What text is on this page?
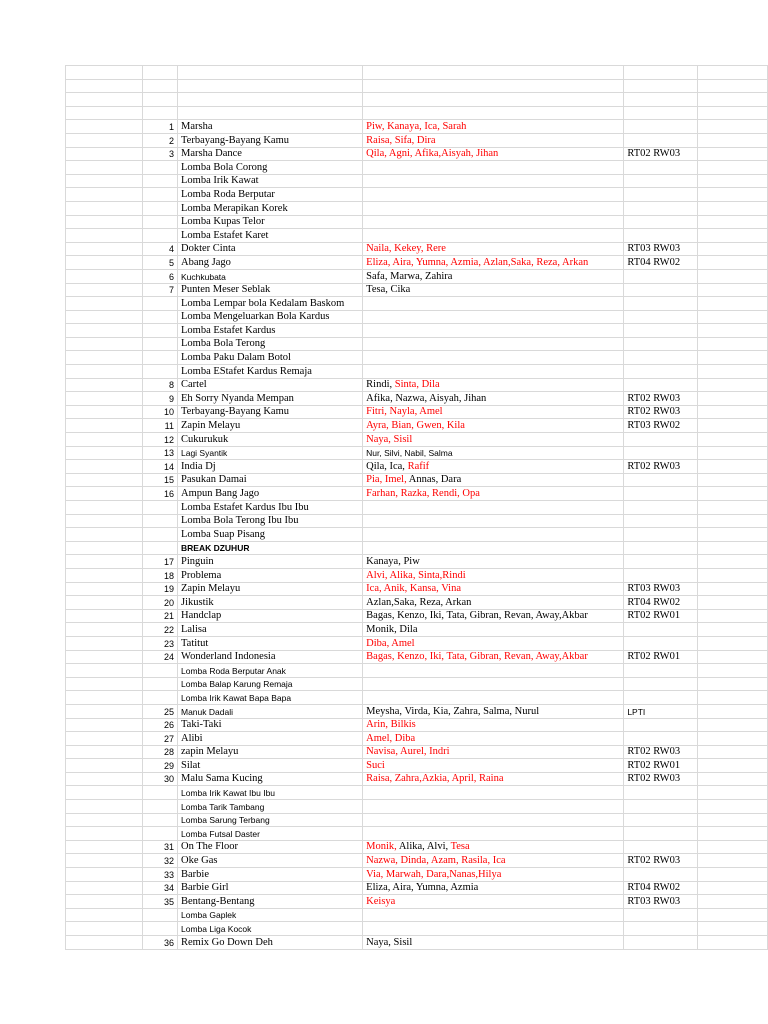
	1	Marsha	Piw, Kanaya, Ica, Sarah		
	2	Terbayang-Bayang Kamu	Raisa, Sifa, Dira		
	3	Marsha Dance	Qila, Agni, Afika,Aisyah, Jihan	RT02 RW03	
		Lomba Bola Corong			
		Lomba Irik Kawat			
		Lomba Roda Berputar			
		Lomba Merapikan Korek			
		Lomba Kupas Telor			
		Lomba Estafet Karet			
	4	Dokter Cinta	Naila, Kekey, Rere	RT03 RW03	
	5	Abang Jago	Eliza, Aira, Yumna, Azmia, Azlan,Saka, Reza, Arkan	RT04 RW02	
	6	Kuchkubata	Safa, Marwa, Zahira		
	7	Punten Meser Seblak	Tesa, Cika		
		Lomba Lempar bola Kedalam Baskom			
		Lomba Mengeluarkan Bola Kardus			
		Lomba Estafet Kardus			
		Lomba Bola Terong			
		Lomba Paku Dalam Botol			
		Lomba EStafet Kardus Remaja			
	8	Cartel	Rindi, Sinta, Dila		
	9	Eh Sorry Nyanda Mempan	Afika, Nazwa, Aisyah, Jihan	RT02 RW03	
	10	Terbayang-Bayang Kamu	Fitri, Nayla, Amel	RT02 RW03	
	11	Zapin Melayu	Ayra, Bian, Gwen, Kila	RT03 RW02	
	12	Cukurukuk	Naya, Sisil		
	13	Lagi Syantik	Nur, Silvi, Nabil, Salma		
	14	India Dj	Qila, Ica, Rafif	RT02 RW03	
	15	Pasukan Damai	Pia, Imel, Annas, Dara		
	16	Ampun Bang Jago	Farhan, Razka, Rendi, Opa		
		Lomba Estafet Kardus Ibu Ibu			
		Lomba Bola Terong Ibu Ibu			
		Lomba Suap Pisang			
		BREAK DZUHUR			
	17	Pinguin	Kanaya, Piw		
	18	Problema	Alvi, Alika, Sinta,Rindi		
	19	Zapin Melayu	Ica, Anik, Kansa, Vina	RT03 RW03	
	20	Jikustik	Azlan,Saka, Reza, Arkan	RT04 RW02	
	21	Handclap	Bagas, Kenzo, Iki, Tata, Gibran, Revan, Away,Akbar	RT02 RW01	
	22	Lalisa	Monik, Dila		
	23	Tatitut	Diba, Amel		
	24	Wonderland Indonesia	Bagas, Kenzo, Iki, Tata, Gibran, Revan, Away,Akbar	RT02 RW01	
		Lomba Roda Berputar Anak			
		Lomba Balap Karung Remaja			
		Lomba Irik Kawat Bapa Bapa			
	25	Manuk Dadali	Meysha, Virda, Kia, Zahra, Salma, Nurul	LPTI	
	26	Taki-Taki	Arin, Bilkis		
	27	Alibi	Amel, Diba		
	28	zapin Melayu	Navisa, Aurel, Indri	RT02 RW03	
	29	Silat	Suci	RT02 RW01	
	30	Malu Sama Kucing	Raisa, Zahra,Azkia, April, Raina	RT02 RW03	
		Lomba Irik Kawat Ibu Ibu			
		Lomba Tarik Tambang			
		Lomba Sarung Terbang			
		Lomba Futsal Daster			
	31	On The Floor	Monik, Alika, Alvi, Tesa		
	32	Oke Gas	Nazwa, Dinda, Azam, Rasila, Ica	RT02 RW03	
	33	Barbie	Via, Marwah, Dara,Nanas,Hilya		
	34	Barbie Girl	Eliza, Aira, Yumna, Azmia	RT04 RW02	
	35	Bentang-Bentang	Keisya	RT03 RW03	
		Lomba Gaplek			
		Lomba Liga Kocok			
	36	Remix Go Down Deh	Naya, Sisil		
